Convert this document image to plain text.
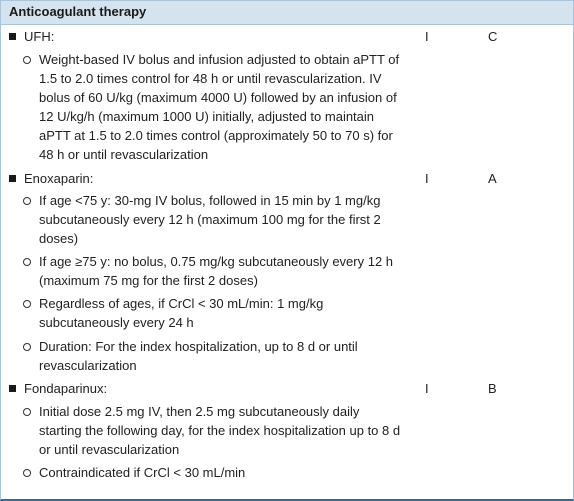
Anticoagulant therapy
UFH:	I	C
Weight-based IV bolus and infusion adjusted to obtain aPTT of 1.5 to 2.0 times control for 48 h or until revascularization. IV bolus of 60 U/kg (maximum 4000 U) followed by an infusion of 12 U/kg/h (maximum 1000 U) initially, adjusted to maintain aPTT at 1.5 to 2.0 times control (approximately 50 to 70 s) for 48 h or until revascularization
Enoxaparin:	I	A
If age <75 y: 30-mg IV bolus, followed in 15 min by 1 mg/kg subcutaneously every 12 h (maximum 100 mg for the first 2 doses)
If age ≥75 y: no bolus, 0.75 mg/kg subcutaneously every 12 h (maximum 75 mg for the first 2 doses)
Regardless of ages, if CrCl < 30 mL/min: 1 mg/kg subcutaneously every 24 h
Duration: For the index hospitalization, up to 8 d or until revascularization
Fondaparinux:	I	B
Initial dose 2.5 mg IV, then 2.5 mg subcutaneously daily starting the following day, for the index hospitalization up to 8 d or until revascularization
Contraindicated if CrCl < 30 mL/min
